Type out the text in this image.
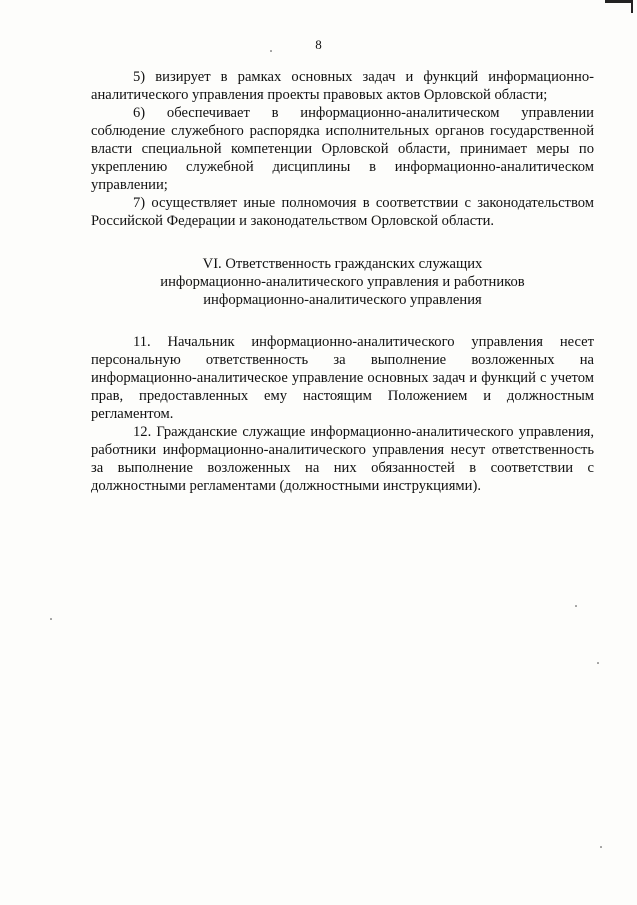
8

5) визирует в рамках основных задач и функций информационно-аналитического управления проекты правовых актов Орловской области;

6) обеспечивает в информационно-аналитическом управлении соблюдение служебного распорядка исполнительных органов государственной власти специальной компетенции Орловской области, принимает меры по укреплению служебной дисциплины в информационно-аналитическом управлении;

7) осуществляет иные полномочия в соответствии с законодательством Российской Федерации и законодательством Орловской области.

VI. Ответственность гражданских служащих
информационно-аналитического управления и работников
информационно-аналитического управления

11. Начальник информационно-аналитического управления несет персональную ответственность за выполнение возложенных на информационно-аналитическое управление основных задач и функций с учетом прав, предоставленных ему настоящим Положением и должностным регламентом.

12. Гражданские служащие информационно-аналитического управления, работники информационно-аналитического управления несут ответственность за выполнение возложенных на них обязанностей в соответствии с должностными регламентами (должностными инструкциями).
